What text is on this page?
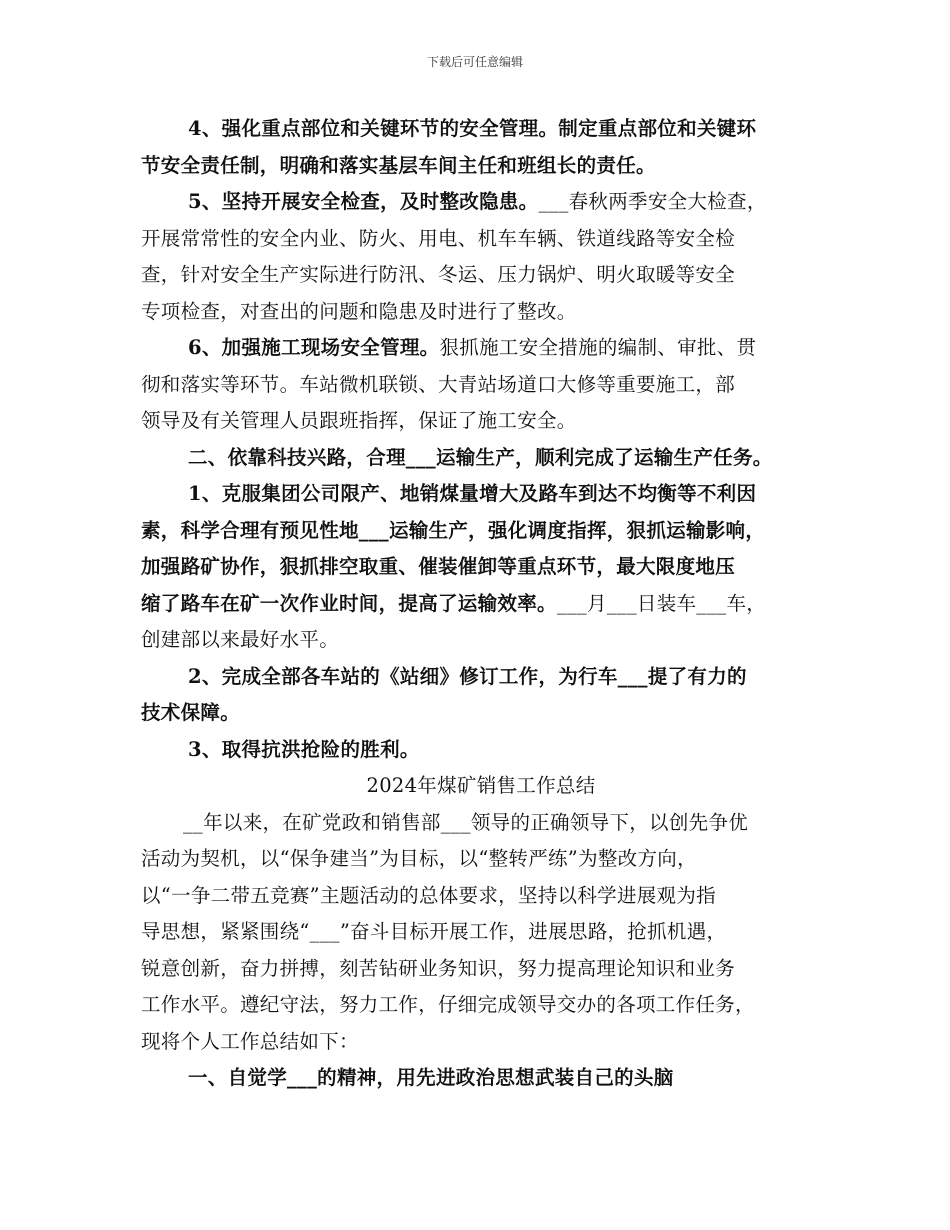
下载后可任意编辑
4、强化重点部位和关键环节的安全管理。制定重点部位和关键环
节安全责任制，明确和落实基层车间主任和班组长的责任。
5、坚持开展安全检查，及时整改隐患。___春秋两季安全大检查，
开展常常性的安全内业、防火、用电、机车车辆、铁道线路等安全检
查，针对安全生产实际进行防汛、冬运、压力锅炉、明火取暖等安全
专项检查，对查出的问题和隐患及时进行了整改。
6、加强施工现场安全管理。狠抓施工安全措施的编制、审批、贯
彻和落实等环节。车站微机联锁、大青站场道口大修等重要施工，部
领导及有关管理人员跟班指挥，保证了施工安全。
二、依靠科技兴路，合理___运输生产，顺利完成了运输生产任务。
1、克服集团公司限产、地销煤量增大及路车到达不均衡等不利因
素，科学合理有预见性地___运输生产，强化调度指挥，狠抓运输影响，
加强路矿协作，狠抓排空取重、催装催卸等重点环节，最大限度地压
缩了路车在矿一次作业时间，提高了运输效率。___月___日装车___车，
创建部以来最好水平。
2、完成全部各车站的《站细》修订工作，为行车___提了有力的
技术保障。
3、取得抗洪抢险的胜利。
2024年煤矿销售工作总结
__年以来，在矿党政和销售部___领导的正确领导下，以创先争优
活动为契机，以“保争建当”为目标，以“整转严练”为整改方向，
以“一争二带五竞赛”主题活动的总体要求，坚持以科学进展观为指
导思想，紧紧围绕“___”奋斗目标开展工作，进展思路，抢抓机遇，
锐意创新，奋力拼搏，刻苦钻研业务知识，努力提高理论知识和业务
工作水平。遵纪守法，努力工作，仔细完成领导交办的各项工作任务，
现将个人工作总结如下：
一、自觉学___的精神，用先进政治思想武装自己的头脑
